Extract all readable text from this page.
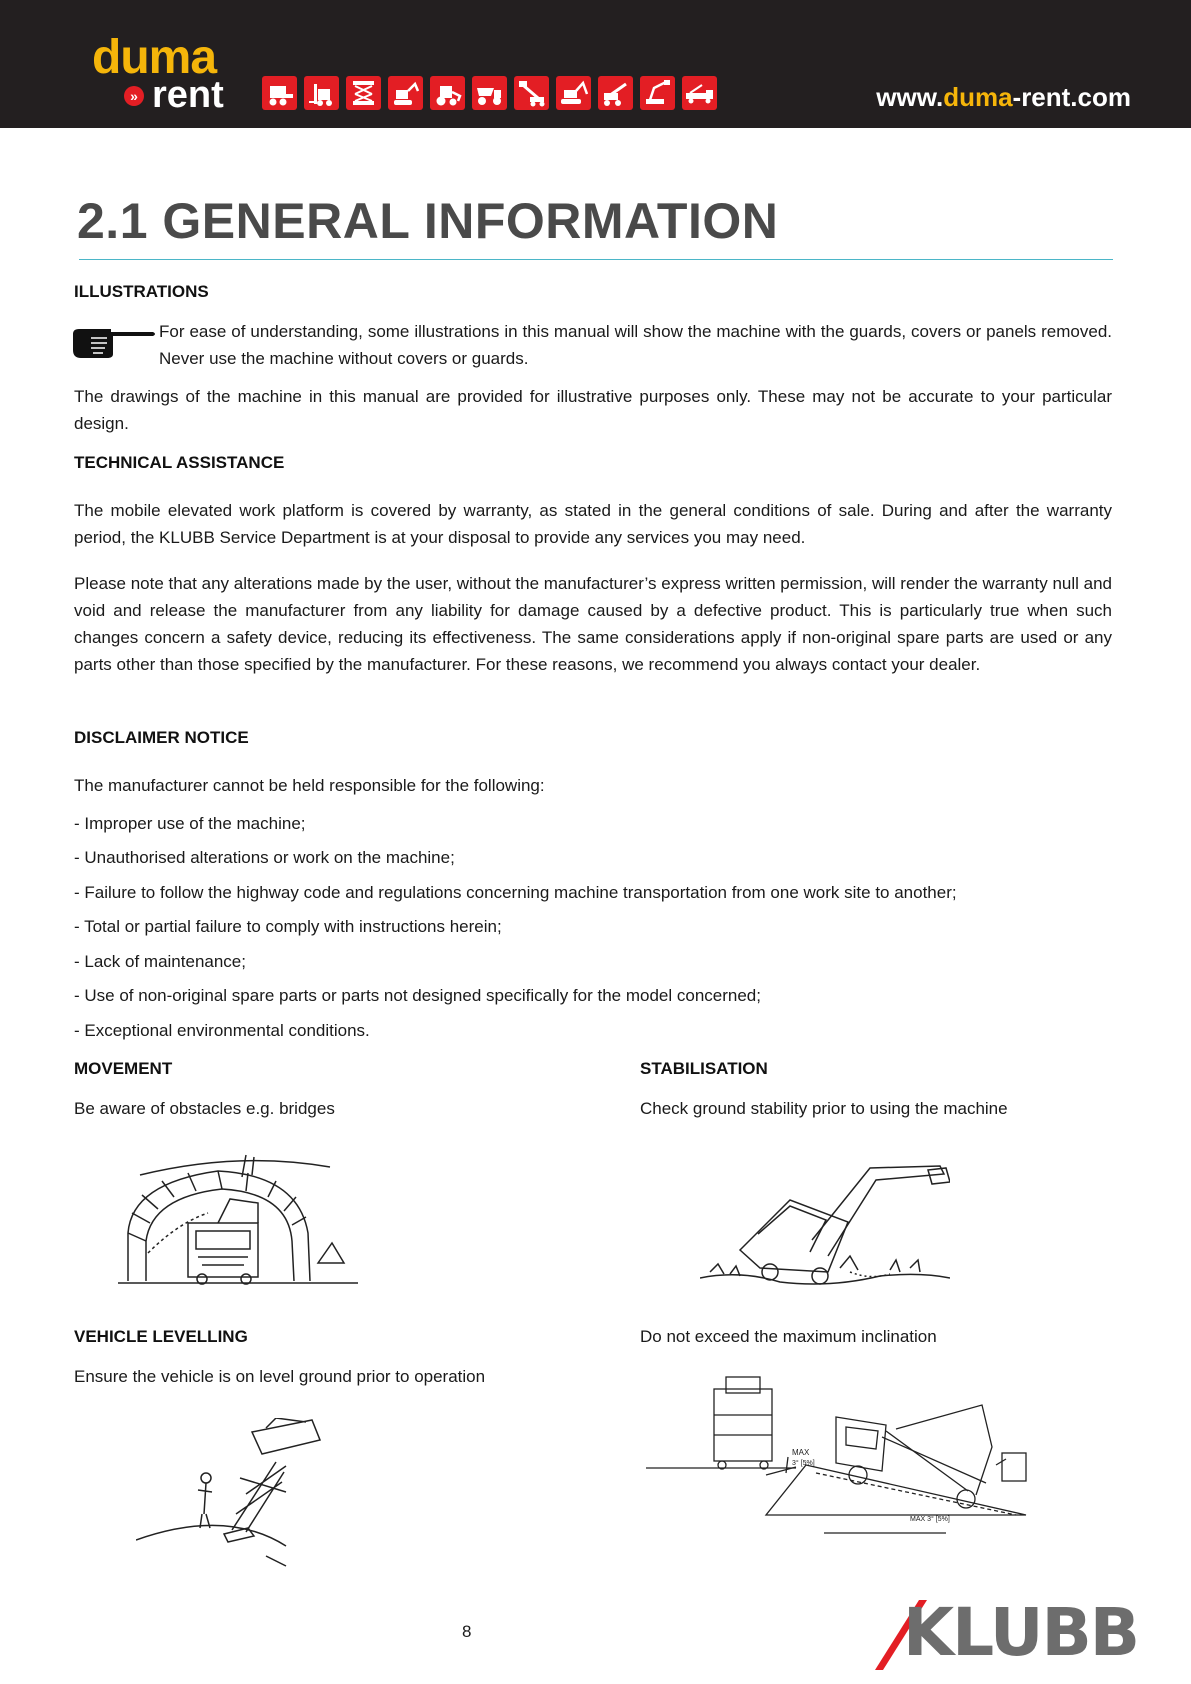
duma
» rent	www.duma-rent.com
2.1 GENERAL INFORMATION
ILLUSTRATIONS
For ease of understanding, some illustrations in this manual will show the machine with the guards, covers or panels removed. Never use the machine without covers or guards.
The drawings of the machine in this manual are provided for illustrative purposes only. These may not be accurate to your particular design.
TECHNICAL ASSISTANCE
The mobile elevated work platform is covered by warranty, as stated in the general conditions of sale. During and after the warranty period, the KLUBB Service Department is at your disposal to provide any services you may need.
Please note that any alterations made by the user, without the manufacturer’s express written permission, will render the warranty null and void and release the manufacturer from any liability for damage caused by a defective product. This is particularly true when such changes concern a safety device, reducing its effectiveness. The same considerations apply if non-original spare parts are used or any parts other than those specified by the manufacturer. For these reasons, we recommend you always contact your dealer.
DISCLAIMER NOTICE
The manufacturer cannot be held responsible for the following:
- Improper use of the machine;
- Unauthorised alterations or work on the machine;
- Failure to follow the highway code and regulations concerning machine transportation from one work site to another;
- Total or partial failure to comply with instructions herein;
- Lack of maintenance;
- Use of non-original spare parts or parts not designed specifically for the model concerned;
- Exceptional environmental conditions.
MOVEMENT
Be aware of obstacles e.g. bridges
STABILISATION
Check ground stability prior to using the machine
VEHICLE LEVELLING
Ensure the vehicle is on level ground prior to operation
Do not exceed the maximum inclination
MAX
3° [5%]
MAX 3° [5%]
8	KLUBB
